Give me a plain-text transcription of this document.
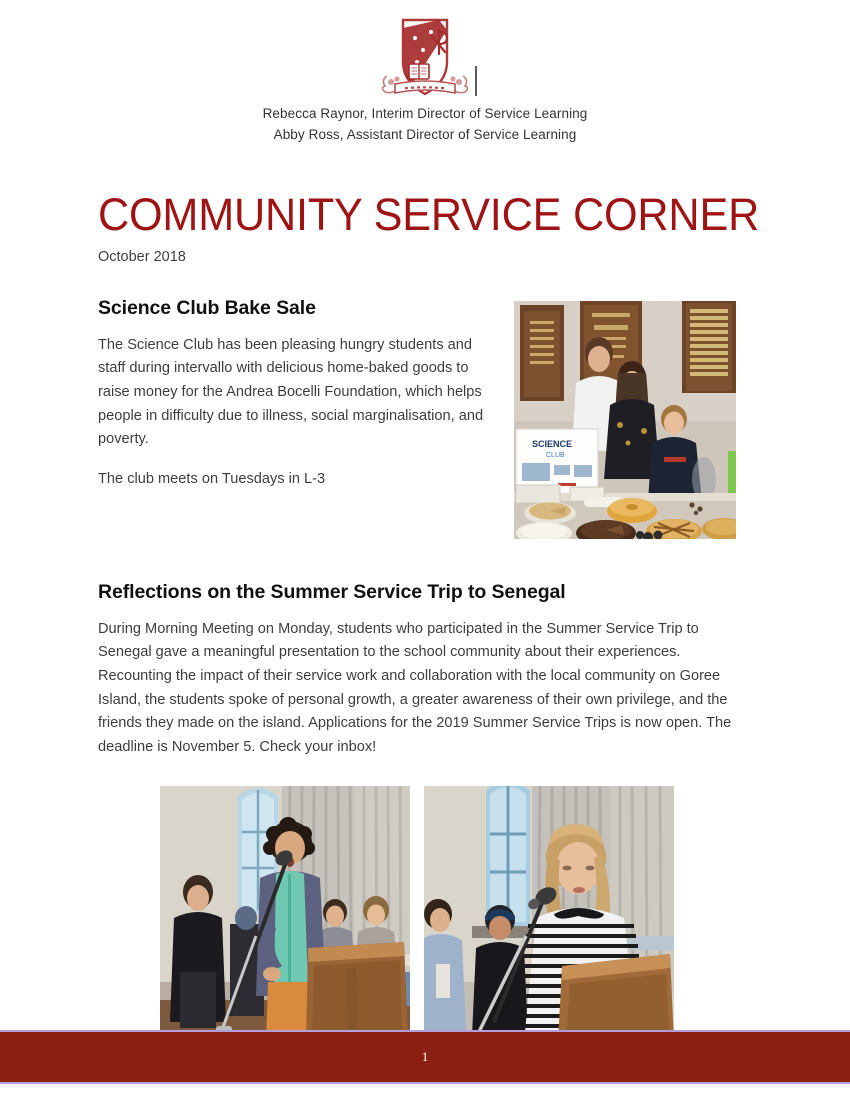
Rebecca Raynor, Interim Director of Service Learning
Abby Ross, Assistant Director of Service Learning
COMMUNITY SERVICE CORNER
October 2018
Science Club Bake Sale

The Science Club has been pleasing hungry students and staff during intervallo with delicious home-baked goods to raise money for the Andrea Bocelli Foundation, which helps people in difficulty due to illness, social marginalisation, and poverty.

The club meets on Tuesdays in L-3

SCIENCE
CLUB
Reflections on the Summer Service Trip to Senegal

During Morning Meeting on Monday, students who participated in the Summer Service Trip to Senegal gave a meaningful presentation to the school community about their experiences. Recounting the impact of their service work and collaboration with the local community on Goree Island, the students spoke of personal growth, a greater awareness of their own privilege, and the friends they made on the island. Applications for the 2019 Summer Service Trips is now open. The deadline is November 5. Check your inbox!

1
